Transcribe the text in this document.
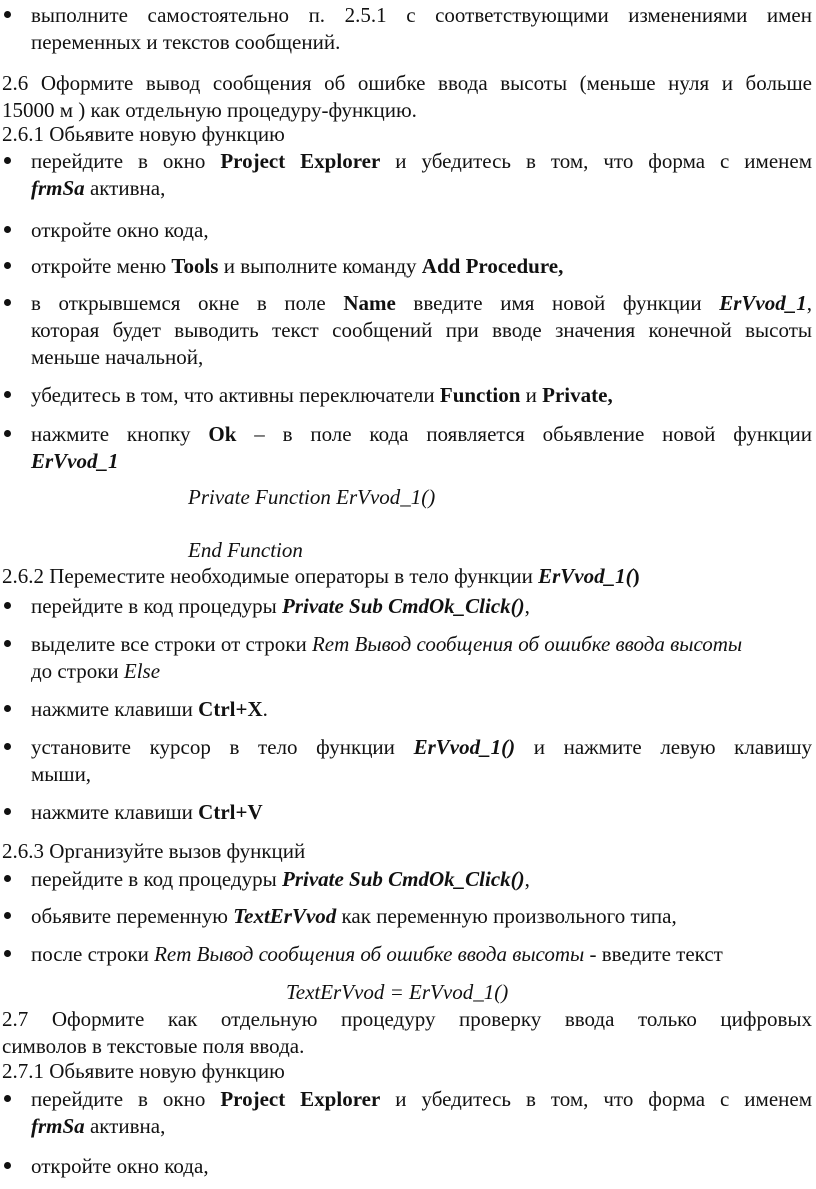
выполните самостоятельно п. 2.5.1 с соответствующими изменениями имен
переменных и текстов сообщений.
2.6 Оформите вывод сообщения об ошибке ввода высоты (меньше нуля и больше
15000 м ) как отдельную процедуру-функцию.
2.6.1 Обьявите новую функцию
перейдите в окно Project Explorer и убедитесь в том, что форма с именем
frmSa активна,
откройте окно кода,
откройте меню Tools и выполните команду Add Procedure,
в открывшемся окне в поле Name введите имя новой функции ErVvod_1,
которая будет выводить текст сообщений при вводе значения конечной высоты
меньше начальной,
убедитесь в том, что активны переключатели Function и Private,
нажмите кнопку Ok – в поле кода появляется обьявление новой функции
ErVvod_1
Private Function ErVvod_1()
End Function
2.6.2 Переместите необходимые операторы в тело функции ErVvod_1()
перейдите в код процедуры Private Sub CmdOk_Click(),
выделите все строки от строки Rem Вывод сообщения об ошибке ввода высоты
до строки Else
нажмите клавиши Ctrl+X.
установите курсор в тело функции ErVvod_1() и нажмите левую клавишу
мыши,
нажмите клавиши Ctrl+V
2.6.3 Организуйте вызов функций
перейдите в код процедуры Private Sub CmdOk_Click(),
обьявите переменную TextErVvod как переменную произвольного типа,
после строки Rem Вывод сообщения об ошибке ввода высоты - введите текст
TextErVvod = ErVvod_1()
2.7 Оформите как отдельную процедуру проверку ввода только цифровых
символов в текстовые поля ввода.
2.7.1 Обьявите новую функцию
перейдите в окно Project Explorer и убедитесь в том, что форма с именем
frmSa активна,
откройте окно кода,
